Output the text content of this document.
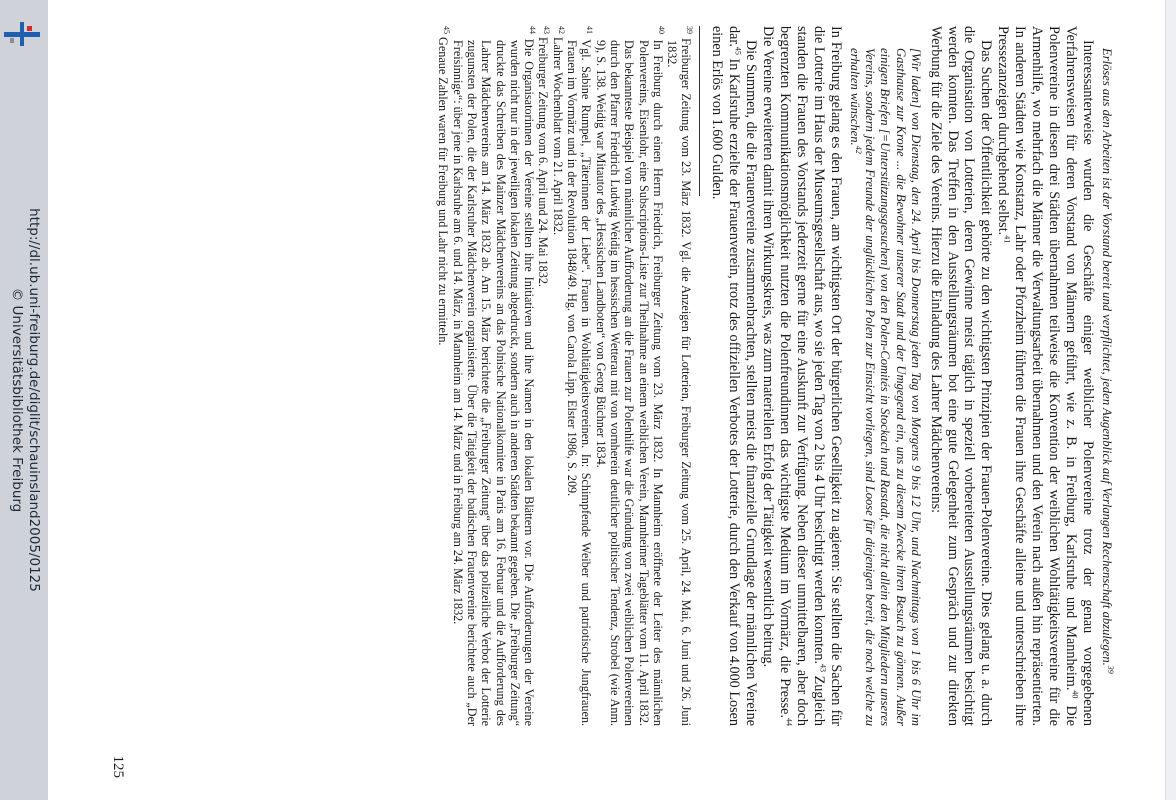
http://dl.ub.uni-freiburg.de/diglit/schauinsland2005/0125
© Universitätsbibliothek Freiburg	Erlöses aus den Arbeiten ist der Vorstand bereit und verpflichtet, jeden Augenblick auf Verlangen Rechenschaft abzulegen.$^{39}$

Interessanterweise wurden die Geschäfte einiger weiblicher Polenvereine trotz der genau vorgegebenen Verfahrensweisen für deren Vorstand von Männern geführt, wie z. B. in Freiburg, Karlsruhe und Mannheim.$^{40}$ Die Polenvereine in diesen drei Städten übernahmen teilweise die Konvention der weiblichen Wohltätigkeitsvereine für die Armenhilfe, wo mehrfach die Männer die Verwaltungsarbeit übernahmen und den Verein nach außen hin repräsentierten. In anderen Städten wie Konstanz, Lahr oder Pforzheim führten die Frauen ihre Geschäfte alleine und unterschrieben ihre Pressezanzeigen durchgehend selbst.$^{41}$

Das Suchen der Öffentlichkeit gehörte zu den wichtigsten Prinzipien der Frauen-Polenvereine. Dies gelang u. a. durch die Organisation von Lotterien, deren Gewinne meist täglich in speziell vorbereiteten Ausstellungsräumen besichtigt werden konnten. Das Treffen in den Ausstellungsräumen bot eine gute Gelegenheit zum Gespräch und zur direkten Werbung für die Ziele des Vereins. Hierzu die Einladung des Lahrer Mädchenvereins:

[Wir laden] von Dienstag, den 24. April bis Donnerstag jeden Tag von Morgens 9 bis 12 Uhr, und Nachmittags von 1 bis 6 Uhr im Gasthause zur Krone ... die Bewohner unserer Stadt und der Umgegend ein, uns zu diesem Zwecke ihren Besuch zu gönnen. Außer einigen Briefen [=Unterstützungsgesuchen] von den Polen-Comités in Stockach und Rastadt, die nicht allein den Mitgliedern unseres Vereins, sondern jedem Freunde der unglücklichen Polen zur Einsicht vorliegen, sind Loose für diejenigen bereit, die noch welche zu erhalten wünschen.$^{42}$

In Freiburg gelang es den Frauen, am wichtigsten Ort der bürgerlichen Geselligkeit zu agieren: Sie stellten die Sachen für die Lotterie im Haus der Museumsgesellschaft aus, wo sie jeden Tag von 2 bis 4 Uhr besichtigt werden konnten.$^{43}$ Zugleich standen die Frauen des Vorstands jederzeit gerne für eine Auskunft zur Verfügung. Neben dieser unmittelbaren, aber doch begrenzten Kommunikationsmöglichkeit nutzten die Polenfreundinnen das wichtigste Medium im Vormärz, die Presse.$^{44}$ Die Vereine erweiterten damit ihren Wirkungskreis, was zum materiellen Erfolg der Tätigkeit wesentlich beitrug.

Die Summen, die die Frauenvereine zusammenbrachten, stellten meist die finanzielle Grundlage der männlichen Vereine dar.$^{45}$ In Karlsruhe erzielte der Frauenverein, trotz des offiziellen Verbotes der Lotterie, durch den Verkauf von 4.000 Losen einen Erlös von 1.600 Gulden.

$^{39}$ Freiburger Zeitung vom 23. März 1832. Vgl. die Anzeigen für Lotterien, Freiburger Zeitung vom 25. April, 24. Mai, 6. Juni und 26. Juni 1832.

$^{40}$ In Freiburg durch einen Herrn Friedrich, Freiburger Zeitung vom 23. März 1832. In Mannheim eröffnete der Leiter des männlichen Polenvereins, Eisenlohr, eine Subscriptions-Liste zur Theilnahme an einem weiblichen Verein, Mannheimer Tageblätter vom 11. April 1832. Das bekannteste Beispiel von männlicher Aufforderung an die Frauen zur Polenhilfe war die Gründung von zwei weiblichen Polenvereinen durch den Pfarrer Friedrich Ludwig Weidig im hessischen Wetterau mit von vornherein deutlicher politischer Tendenz, Strobel (wie Anm. 9), S. 138. Weidig war Mitautor des „Hessischen Landboten“ von Georg Büchner 1834.

$^{41}$ Vgl. Sabine Rumpel, „Täterinnen der Liebe“. Frauen in Wohltätigkeitsvereinen. In: Schimpfende Weiber und patriotische Jungfrauen. Frauen im Vormärz und in der Revolution 1848/49. Hg. von Carola Lipp. Elster 1986, S. 209.

$^{42}$ Lahrer Wochenblatt vom 21. April 1832.

$^{43}$ Freiburger Zeitung vom 6. April und 24. Mai 1832.

$^{44}$ Die Organisatorinnen der Vereine stellten ihre Initiativen und ihre Namen in den lokalen Blättern vor. Die Aufforderungen der Vereine wurden nicht nur in der jeweiligen lokalen Zeitung abgedruckt, sondern auch in anderen Städten bekannt gegeben. Die „Freiburger Zeitung“ druckte das Schreiben des Mainzer Mädchenvereins an das Polnische Nationalkomitee in Paris am 16. Februar und die Aufforderung des Lahrer Mädchenvereins am 14. März 1832 ab. Am 15. März berichtete die „Freiburger Zeitung“ über das polizeiliche Verbot der Lotterie zugunsten der Polen, die der Karlsruher Mädchenverein organisierte. Über die Tätigkeit der badischen Frauenvereine berichtete auch „Der Freisinnige“: über jene in Karlsruhe am 6. und 14. März, in Mannheim am 14. März und in Freiburg am 24. März 1832.

$^{45}$ Genaue Zahlen waren für Freiburg und Lahr nicht zu ermitteln.

125
